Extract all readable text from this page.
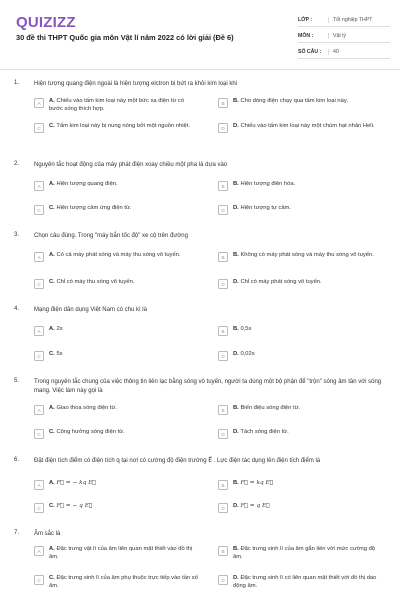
QUIZIZZ
30 đề thi THPT Quốc gia môn Vật lí năm 2022 có lời giải (Đề 6)
LỚP :	Tốt nghiệp THPT
MÔN :	Vật lý
SỐ CÂU :	40
1. Hiện tượng quang điện ngoài là hiện tượng elctron bị bứt ra khỏi kim loại khi
A	A. Chiếu vào tấm kim loại này một bức xạ điện từ có bước sóng thích hợp.
B	B. Cho dòng điện chạy qua tấm kim loại này.
C	C. Tấm kim loại này bị nung nóng bởi một nguồn nhiệt.	D	D. Chiếu vào tấm kim loại này một chùm hạt nhân Heli.
2. Nguyên tắc hoạt động của máy phát điện xoay chiều một pha là dựa vào
A	A. Hiện tượng quang điện.	B	B. Hiện tượng điện hóa.
C	C. Hiện tượng cảm ứng điện từ.	D	D. Hiện tượng tự cảm.
3. Chọn câu đúng. Trong "máy bắn tốc độ" xe cộ trên đường
A	A. Có cả máy phát sóng và máy thu sóng vô tuyến.	B	B. Không có máy phát sóng và máy thu sóng vô tuyến.
C	C. Chỉ có máy thu sóng vô tuyến.	D	D. Chỉ có máy phát sóng vô tuyến.
4. Mạng điện dân dụng Việt Nam có chu kì là
A	A. 2s	B	B. 0,5s
C	C. 5s	D	D. 0,02s
5. Trong nguyên tắc chung của việc thông tin liên lạc bằng sóng vô tuyến, người ta dùng một bộ phận để "trộn" sóng âm tần với sóng mang. Việc làm này gọi là
A	A. Giao thoa sóng điện từ.	B	B. Biến điệu sóng điện từ.
C	C. Cộng hưởng sóng điện từ.	D	D. Tách sóng điện từ.
6. Đặt điện tích điểm có điện tích q tại nơi có cường độ điện trường E⃗ . Lực điện tác dụng lên điện tích điểm là
A	A. F⃗ = − kq E⃗	B	B. F⃗ = kq E⃗
C	C. F⃗ = − q E⃗	D	D. F⃗ = q E⃗
7. Âm sắc là
A	A. Đặc trưng vật lí của âm liên quan mật thiết vào đồ thị âm.
B	B. Đặc trưng sinh lí của âm gắn liền với mức cường độ âm.
C	C. Đặc trưng sinh lí của âm phụ thuộc trực tiếp vào tần số âm.
D	D. Đặc trưng sinh lí có liên quan mật thiết với đồ thị dao động âm.
